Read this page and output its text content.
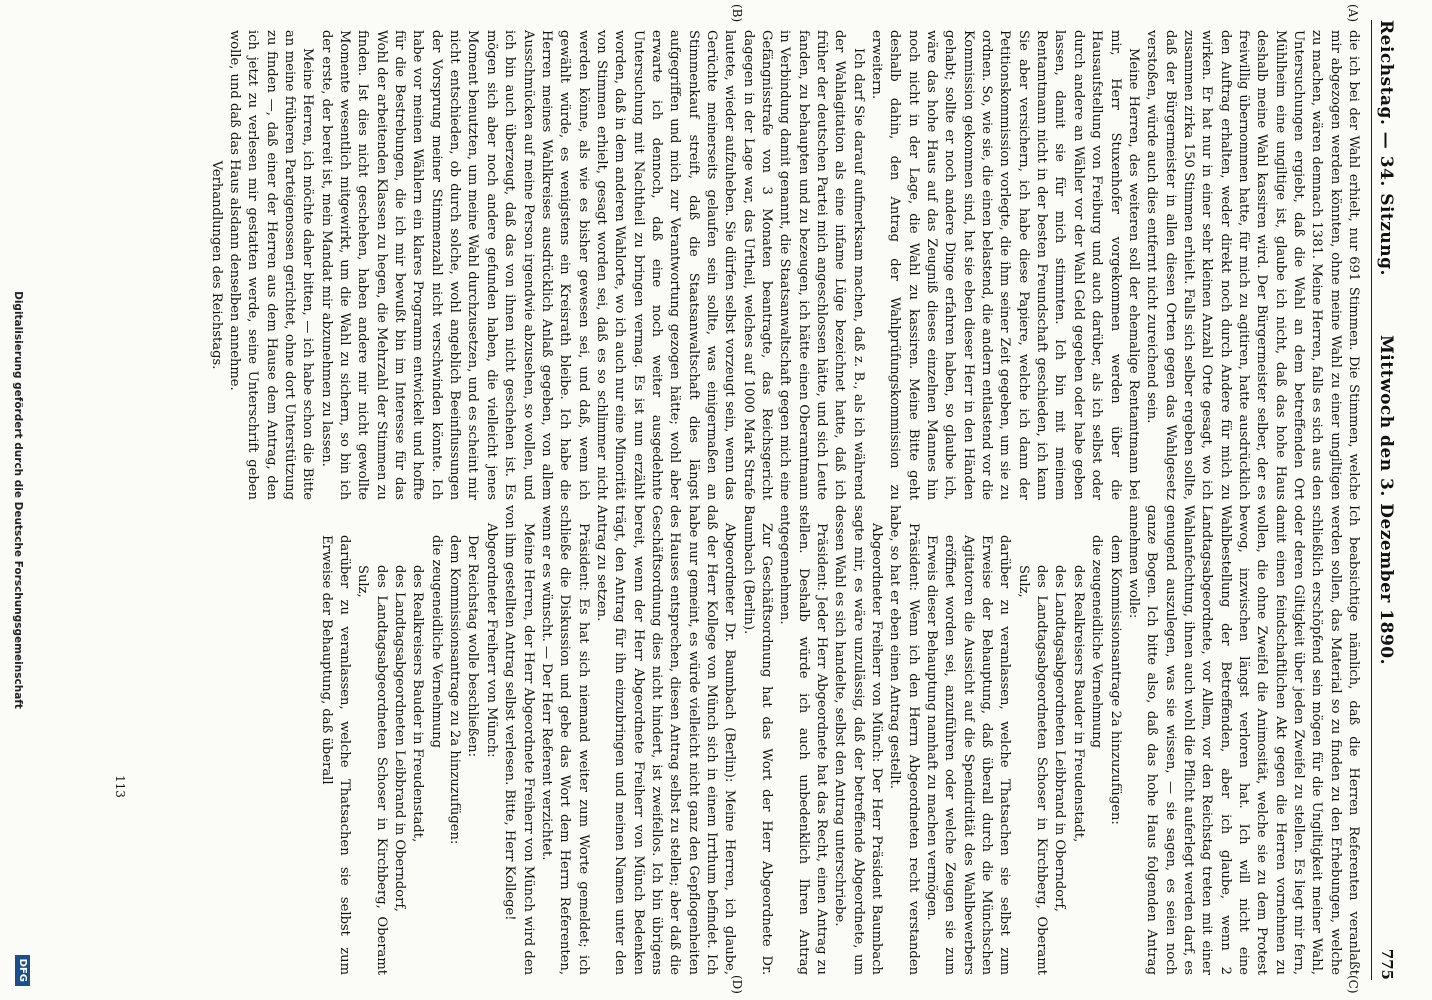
Reichstag. — 34. Sitzung.
Mittwoch den 3. Dezember 1890.
775
(A)
(B)
(C)
(D)

die ich bei der Wahl erhielt, nur 691 Stimmen. Die Stimmen, welche mir abgezogen werden könnten, ohne meine Wahl zu einer ungiltigen zu machen, wären demnach 1381. Meine Herren, falls es sich aus den Untersuchungen ergiebt, daß die Wahl an dem betreffenden Ort Mühlheim eine ungiltige ist, glaube ich nicht, daß das hohe Haus deshalb meine Wahl kassiren wird. Der Bürgermeister selber, der es freiwillig übernommen hatte, für mich zu agitiren, hatte ausdrücklich den Auftrag erhalten, weder direkt noch durch Andere für mich zu wirken. Er hat nur in einer sehr kleinen Anzahl Orte gesagt, wo ich zusammen zirka 150 Stimmen erhielt. Falls sich selber ergeben sollte, daß der Bürgermeister in allen diesen Orten gegen das Wahlgesetz verstoßen, würde auch dies entfernt nicht zureichend sein.

Meine Herren, des weiteren soll der ehemalige Rentamtmann bei mir, Herr Stuxenhofer vorgekommen werden über die Hausaufstellung von Freiburg und auch darüber, als ich selbst oder durch andere an Wähler vor der Wahl Geld gegeben oder habe geben lassen, damit sie für mich stimmten. Ich bin mit meinem Rentamtmann nicht in der besten Freundschaft geschieden, ich kann Sie aber versichern, ich habe diese Papiere, welche ich dann der Petitionskommission vorlegte, die ihm seiner Zeit gegeben, um sie zu ordnen. So, wie sie, die einen belastend, die andern entlastend vor die Kommission gekommen sind, hat sie eben dieser Herr in den Händen gehabt; sollte er noch andere Dinge erfahren haben, so glaube ich, wäre das hohe Haus auf das Zeugniß dieses einzelnen Mannes hin noch nicht in der Lage, die Wahl zu kassiren. Meine Bitte geht deshalb dahin, den Antrag der Wahlprüfungskommission zu erweitern.

Ich darf Sie darauf aufmerksam machen, daß z. B., als ich während der Wahlagitation als eine infame Lüge bezeichnet hatte, daß ich früher der deutschen Partei mich angeschlossen hätte, und sich Leute fanden, zu behaupten und zu bezeugen, ich hätte einen Oberamtmann in Verbindung damit genannt, die Staatsanwaltschaft gegen mich eine Gefängnisstrafe von 3 Monaten beantragte, das Reichsgericht dagegen in der Lage war, das Urtheil, welches auf 1000 Mark Strafe lautete, wieder aufzuheben. Sie dürfen selbst vorzeugt sein, wenn das Gerüchte meinerseits gelaufen sein sollte, was einigermaßen an Stimmenkauf streift, daß die Staatsanwaltschaft dies längst aufgegriffen und mich zur Verantwortung gezogen hätte; wohl aber erwarte ich dennoch, daß eine noch weiter ausgedehnte Untersuchung mit Nachtheil zu bringen vermag. Es ist nun erzählt worden, daß in dem anderen Wahlorte, wo ich auch nur eine Minorität von Stimmen erhielt, gesagt worden sei, daß es so schlimmer nicht werden könne, als wie es bisher gewesen sei, und daß, wenn ich gewählt würde, es wenigstens ein Kreisrath bleibe. Ich habe die Herren meines Wahlkreises ausdrücklich Anlaß gegeben, von allem Ausschmücken auf meine Person irgendwie abzusehen, so wollen, und ich bin auch überzeugt, daß das von ihnen nicht geschehen ist. Es mögen sich aber noch andere gefunden haben, die vielleicht jenes Moment benutzten, um meine Wahl durchzusetzen, und es scheint mir nicht entschieden, ob durch solche, wohl angeblich Beeinflussungen der Vorsprung meiner Stimmenzahl nicht verschwinden könnte. Ich habe vor meinen Wählern ein klares Programm entwickelt und hoffte für die Bestrebungen, die ich mir bewußt bin im Interesse für das Wohl der arbeitenden Klassen zu hegen, die Mehrzahl der Stimmen zu finden. Ist dies nicht geschehen, haben andere mir nicht gewollte Momente wesentlich mitgewirkt, um die Wahl zu sichern, so bin ich der erste, der bereit ist, mein Mandat mir abzunehmen zu lassen.

Meine Herren, ich möchte daher bitten, — ich habe schon die Bitte an meine früheren Parteigenossen gerichtet, ohne dort Unterstützung zu finden —, daß einer der Herren aus dem Hause dem Antrag, den ich jetzt zu verlesen mir gestatten werde, seine Unterschrift geben wolle, und daß das Haus alsdann denselben annehme.

Verhandlungen des Reichstags.

Ich beabsichtige nämlich, daß die Herren Referenten veranlaßt werden sollen, das Material so zu finden zu den Erhebungen, welche schließlich erschöpfend sein mögen für die Ungiltigkeit meiner Wahl, oder deren Giltigkeit über jeden Zweifel zu stellen. Es liegt mir fern, damit einen feindschaftlichen Akt gegen die Herren vornehmen zu wollen, die ohne Zweifel die Animosität, welche sie zu dem Protest bewog, inzwischen längst verloren hat. Ich will nicht eine Wahlbestellung der Betreffenden, aber ich glaube, wenn 2 Landtagsabgeordnete, vor Allem, vor den Reichstag treten mit einer Wahlanfechtung, ihnen auch wohl die Pflicht auferlegt werden darf, es genugend auszulegen, was sie wissen, — sie sagen, es seien noch ganze Bogen. Ich bitte also, daß das hohe Haus folgenden Antrag annehmen wolle:

dem Kommissionsantrage 2a hinzuzufügen:

die zeugeneidliche Vernehmung

des Realkreisers Bauder in Freudenstadt,

des Landtagsabgeordneten Leibbrand in Oberndorf,

des Landtagsabgeordneten Schoser in Kirchberg, Oberamt Sulz,

darüber zu veranlassen, welche Thatsachen sie selbst zum Erweise der Behauptung, daß überall durch die Münchschen Agitatoren die Aussicht auf die Spendirdität des Wahlbewerbers eröffnet worden sei, anzuführen oder welche Zeugen sie zum Erweis dieser Behauptung namhaft zu machen vermögen.

Präsident: Wenn ich den Herrn Abgeordneten recht verstanden habe, so hat er eben einen Antrag gestellt.

Abgeordneter Freiherr von Münch: Der Herr Präsident Baumbach sagte mir, es wäre unzulässig, daß der betreffende Abgeordnete, um dessen Wahl es sich handelte, selbst den Antrag unterschriebe.

Präsident: Jeder Herr Abgeordnete hat das Recht, einen Antrag zu stellen. Deshalb würde ich auch unbedenklich Ihren Antrag entgegennehmen.

Zur Geschäftsordnung hat das Wort der Herr Abgeordnete Dr. Baumbach (Berlin).

Abgeordneter Dr. Baumbach (Berlin): Meine Herren, ich glaube, daß der Herr Kollege von Münch sich in einem Irrthum befindet. Ich habe nur gemeint, es würde vielleicht nicht ganz den Gepflogenheiten des Hauses entsprechen, diesen Antrag selbst zu stellen; aber daß die Geschäftsordnung dies nicht hindert, ist zweifellos. Ich bin übrigens bereit, wenn der Herr Abgeordnete Freiherr von Münch Bedenken trägt, den Antrag für ihn einzubringen und meinen Namen unter den Antrag zu setzen.

Präsident: Es hat sich niemand weiter zum Worte gemeldet; ich schließe die Diskussion und gebe das Wort dem Herrn Referenten, wenn er es wünscht. — Der Herr Referent verzichtet.

Meine Herren, der Herr Abgeordnete Freiherr von Münch wird den von ihm gestellten Antrag selbst verlesen. Bitte, Herr Kollege!

Abgeordneter Freiherr von Münch:

Der Reichstag wolle beschließen:

dem Kommissionsantrage zu 2a hinzuzufügen:

die zeugeneidliche Vernehmung

des Realkreisers Bauder in Freudenstadt,

des Landtagsabgeordneten Leibbrand in Oberndorf,

des Landtagsabgeordneten Schoser in Kirchberg, Oberamt Sulz,

darüber zu veranlassen, welche Thatsachen sie selbst zum Erweise der Behauptung, daß überall

113
Digitalisierung gefördert durch die Deutsche Forschungsgemeinschaft
DFG
